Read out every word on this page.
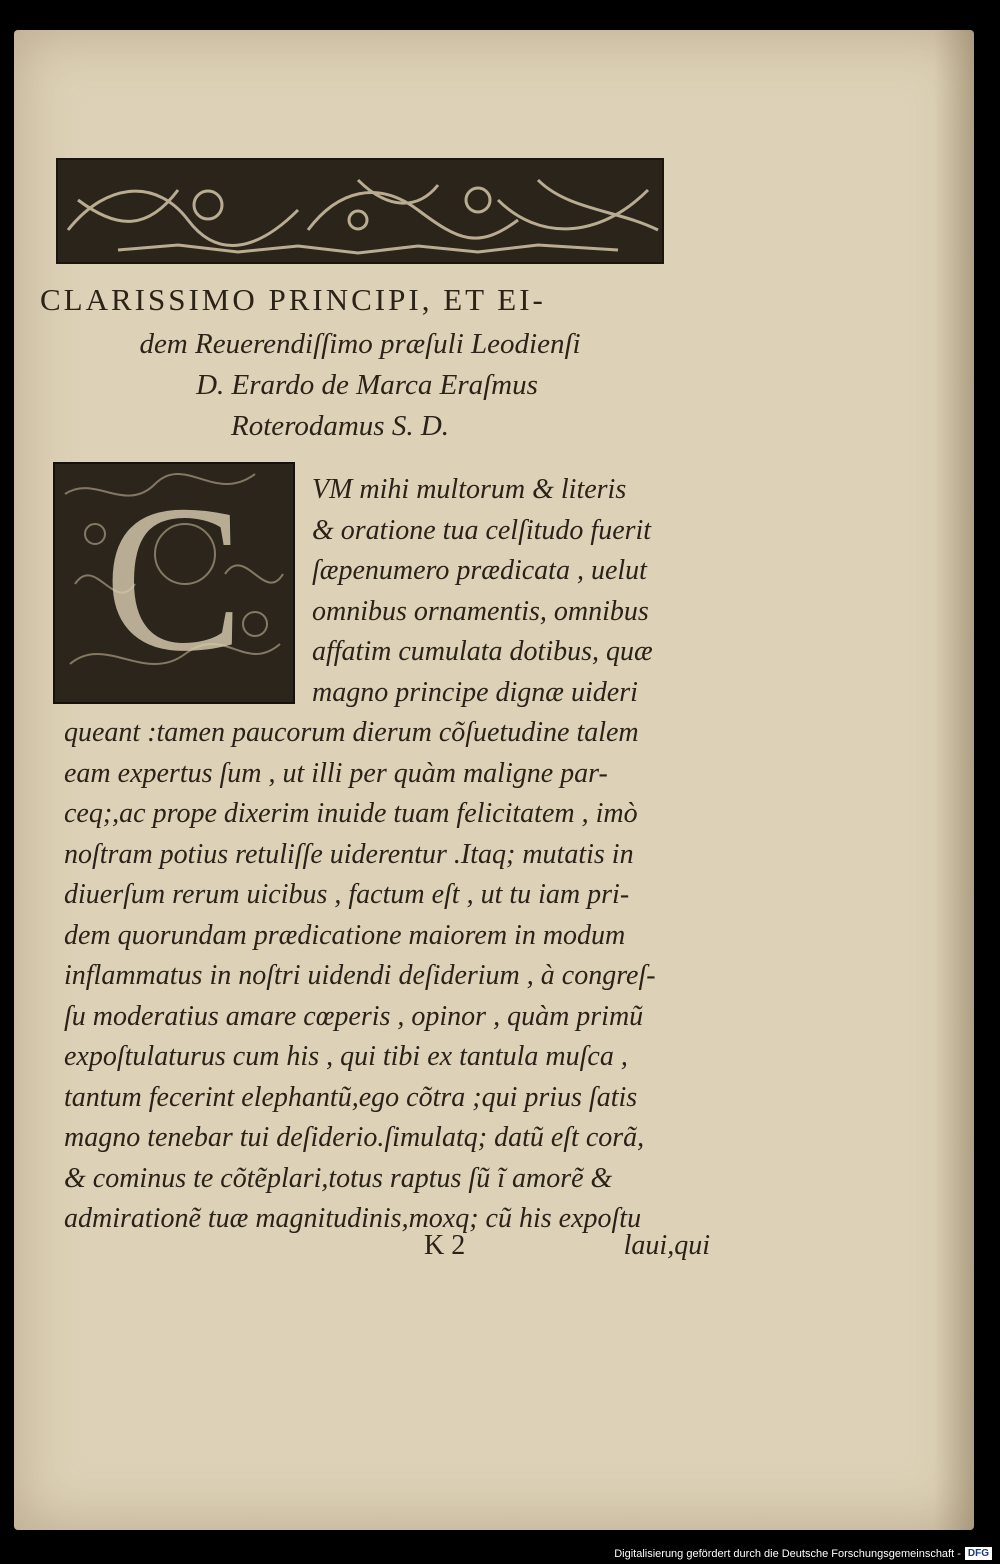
CLARISSIMO PRINCIPI, ET EI-
dem Reuerendiſſimo præſuli Leodienſi
D. Erardo de Marca Eraſmus
Roterodamus S. D.
C	VM mihi multorum & literis
& oratione tua celſitudo fuerit
ſæpenumero prædicata , uelut
omnibus ornamentis, omnibus
affatim cumulata dotibus, quæ
magno principe dignæ uideri
queant :tamen paucorum dierum cõſuetudine talem
eam expertus ſum , ut illi per quàm maligne par-
ceq;,ac prope dixerim inuide tuam felicitatem , imò
noſtram potius retuliſſe uiderentur .Itaq; mutatis in
diuerſum rerum uicibus , factum eſt , ut tu iam pri-
dem quorundam prædicatione maiorem in modum
inflammatus in noſtri uidendi deſiderium , à congreſ-
ſu moderatius amare cœperis , opinor , quàm primũ
expoſtulaturus cum his , qui tibi ex tantula muſca ,
tantum fecerint elephantũ,ego cõtra ;qui prius ſatis
magno tenebar tui deſiderio.ſimulatq; datũ eſt corã,
& cominus te cõtẽplari,totus raptus ſũ ĩ amorẽ &
admirationẽ tuæ magnitudinis,moxq; cũ his expoſtu
K 2	laui,qui
Digitalisierung gefördert durch die Deutsche Forschungsgemeinschaft - DFG
